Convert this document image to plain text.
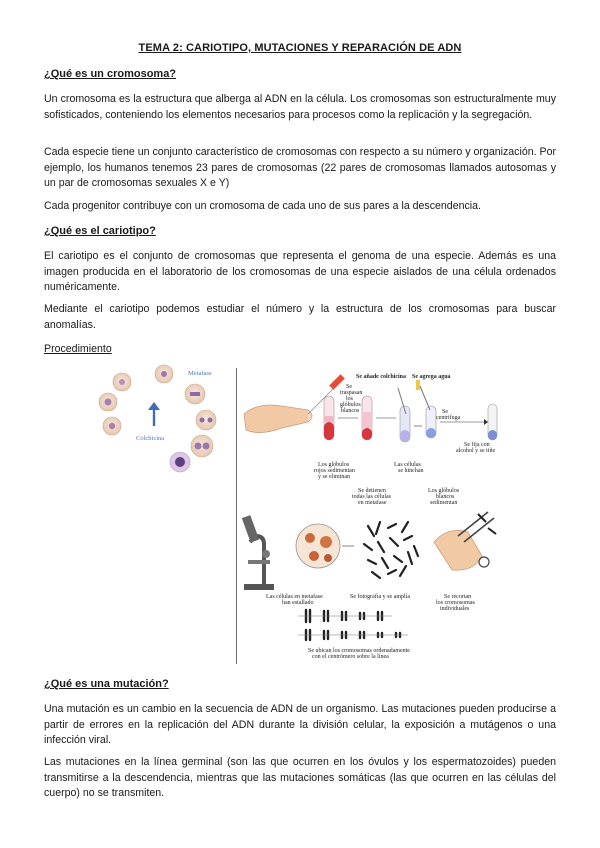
TEMA 2: CARIOTIPO, MUTACIONES Y REPARACIÓN DE ADN
¿Qué es un cromosoma?
Un cromosoma es la estructura que alberga al ADN en la célula. Los cromosomas son estructuralmente muy sofisticados, conteniendo los elementos necesarios para procesos como la replicación y la segregación.
Cada especie tiene un conjunto característico de cromosomas con respecto a su número y organización. Por ejemplo, los humanos tenemos 23 pares de cromosomas (22 pares de cromosomas llamados autosomas y un par de cromosomas sexuales X e Y)
Cada progenitor contribuye con un cromosoma de cada uno de sus pares a la descendencia.
¿Qué es el cariotipo?
El cariotipo es el conjunto de cromosomas que representa el genoma de una especie. Además es una imagen producida en el laboratorio de los cromosomas de una especie aislados de una célula ordenados numéricamente.
Mediante el cariotipo podemos estudiar el número y la estructura de los cromosomas para buscar anomalías.
Procedimiento
Metafase
Colchicina
Se añade colchicina Se agrega agua
Se
traspasan
los
glóbulos
blancos	Se
centrifuga
Se fija con
alcohol y se tiñe
Los glóbulos
rojos sedimentan
y se eliminan
Las células
se hinchan
Se detienen
todas las células
en metafase
Los glóbulos
blancos
sedimentan
Las células en metafase
han estallado
Se fotografía y se amplía	Se recortan
los cromosomas
individuales
Se ubican los cromosomas ordenadamente
con el centrómero sobre la línea
¿Qué es una mutación?
Una mutación es un cambio en la secuencia de ADN de un organismo. Las mutaciones pueden producirse a partir de errores en la replicación del ADN durante la división celular, la exposición a mutágenos o una infección viral.
Las mutaciones en la línea germinal (son las que ocurren en los óvulos y los espermatozoides) pueden transmitirse a la descendencia, mientras que las mutaciones somáticas (las que ocurren en las células del cuerpo) no se transmiten.
